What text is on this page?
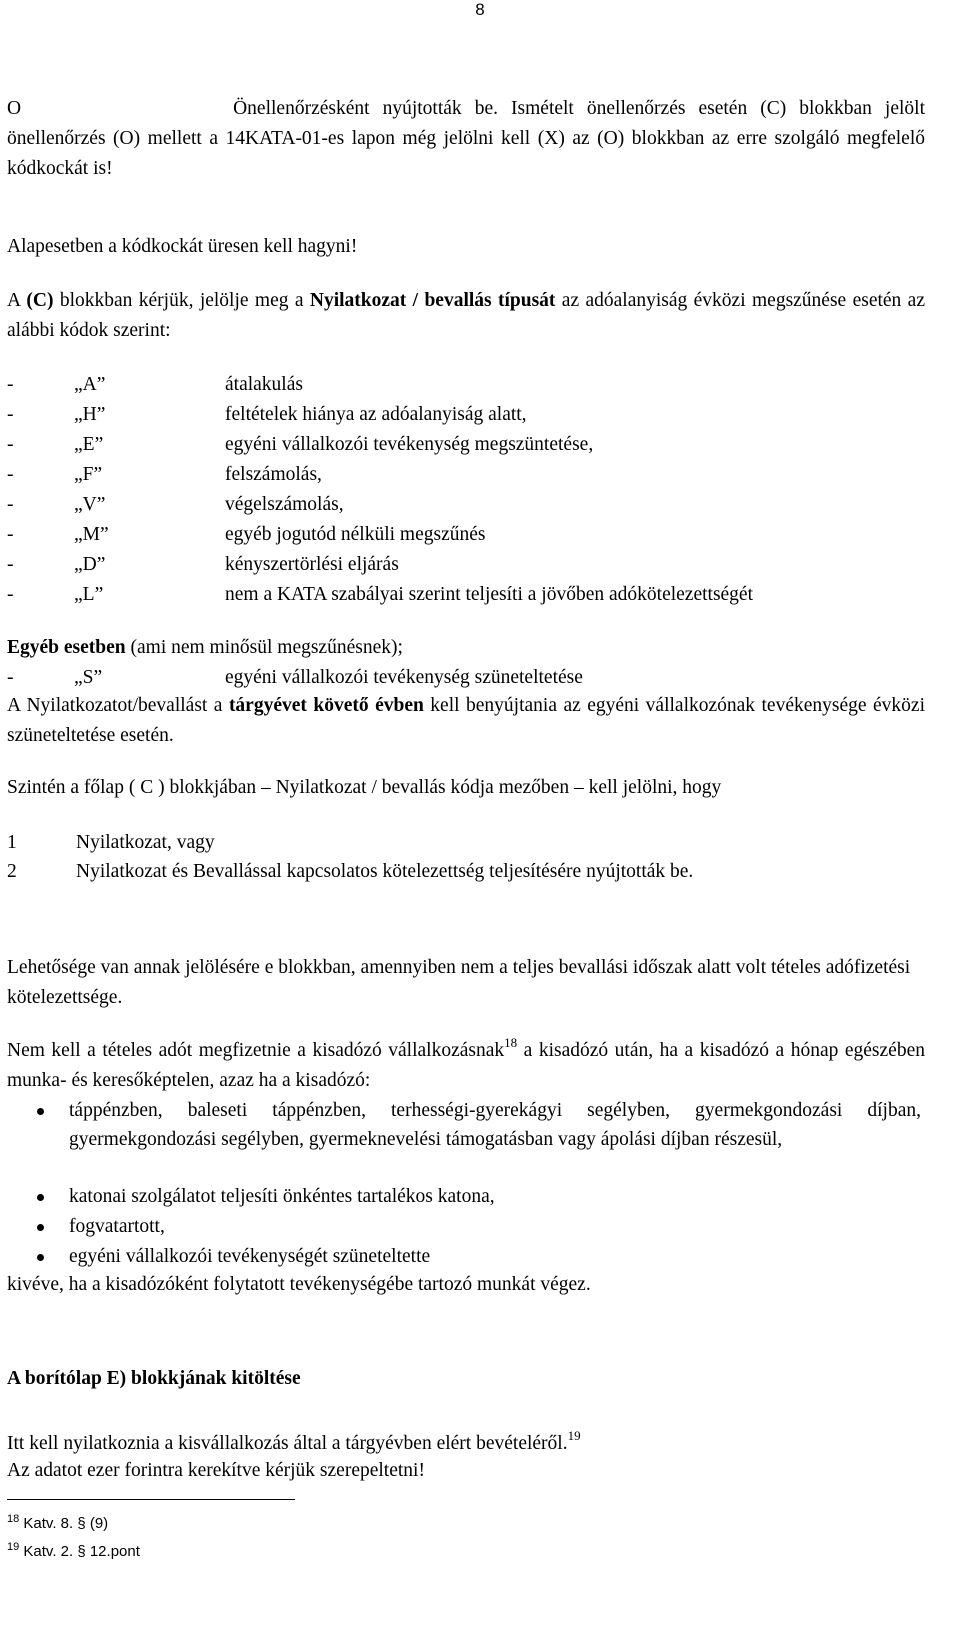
8
O	Önellenőrzésként nyújtották be. Ismételt önellenőrzés esetén (C) blokkban jelölt önellenőrzés (O) mellett a 14KATA-01-es lapon még jelölni kell (X) az (O) blokkban az erre szolgáló megfelelő kódkockát is!
Alapesetben a kódkockát üresen kell hagyni!
A (C) blokkban kérjük, jelölje meg a Nyilatkozat / bevallás típusát az adóalanyiság évközi megszűnése esetén az alábbi kódok szerint:
-	„A”	átalakulás
-	„H”	feltételek hiánya az adóalanyiság alatt,
-	„E”	egyéni vállalkozói tevékenység megszüntetése,
-	„F”	felszámolás,
-	„V”	végelszámolás,
-	„M”	egyéb jogutód nélküli megszűnés
-	„D”	kényszertörlési eljárás
-	„L”	nem a KATA szabályai szerint teljesíti a jövőben adókötelezettségét
Egyéb esetben (ami nem minősül megszűnésnek);
-	„S”	egyéni vállalkozói tevékenység szüneteltetése
A Nyilatkozatot/bevallást a tárgyévet követő évben kell benyújtania az egyéni vállalkozónak tevékenysége évközi szüneteltetése esetén.
Szintén a főlap ( C ) blokkjában – Nyilatkozat / bevallás kódja mezőben – kell jelölni, hogy
1	Nyilatkozat, vagy
2	Nyilatkozat és Bevallással kapcsolatos kötelezettség teljesítésére nyújtották be.
Lehetősége van annak jelölésére e blokkban, amennyiben nem a teljes bevallási időszak alatt volt tételes adófizetési kötelezettsége.
Nem kell a tételes adót megfizetnie a kisadózó vállalkozásnak$^{18}$ a kisadózó után, ha a kisadózó a hónap egészében munka- és keresőképtelen, azaz ha a kisadózó:
táppénzben, baleseti táppénzben, terhességi-gyerekágyi segélyben, gyermekgondozási díjban, gyermekgondozási segélyben, gyermeknevelési támogatásban vagy ápolási díjban részesül,
katonai szolgálatot teljesíti önkéntes tartalékos katona,
fogvatartott,
egyéni vállalkozói tevékenységét szüneteltette
kivéve, ha a kisadózóként folytatott tevékenységébe tartozó munkát végez.
A borítólap E) blokkjának kitöltése
Itt kell nyilatkoznia a kisvállalkozás által a tárgyévben elért bevételéről.$^{19}$
Az adatot ezer forintra kerekítve kérjük szerepeltetni!
$^{18}$ Katv. 8. § (9)
$^{19}$ Katv. 2. § 12.pont
